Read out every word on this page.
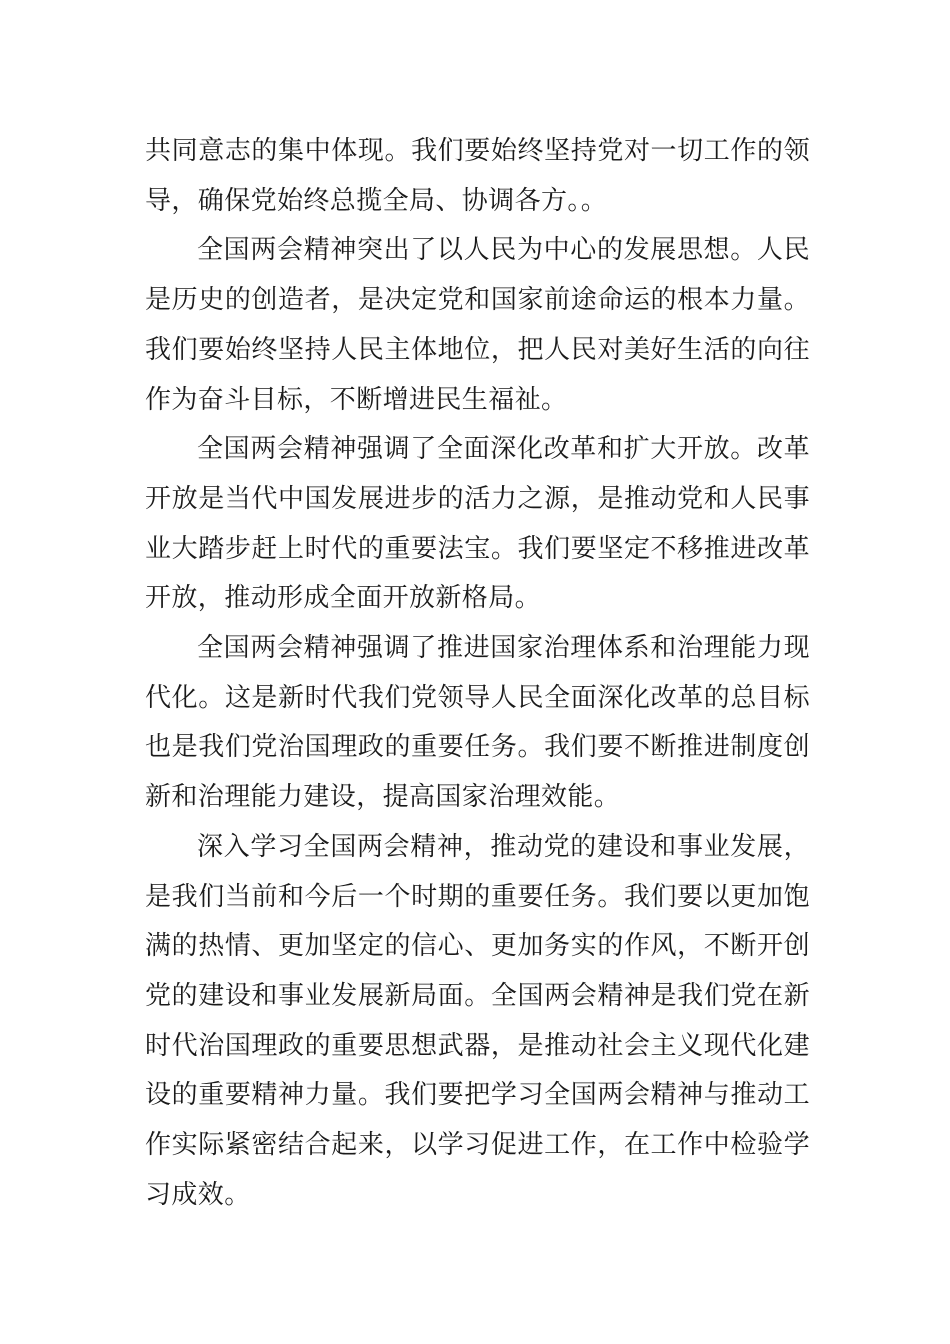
共同意志的集中体现。我们要始终坚持党对一切工作的领导，确保党始终总揽全局、协调各方。。

全国两会精神突出了以人民为中心的发展思想。人民是历史的创造者，是决定党和国家前途命运的根本力量。我们要始终坚持人民主体地位，把人民对美好生活的向往作为奋斗目标，不断增进民生福祉。

全国两会精神强调了全面深化改革和扩大开放。改革开放是当代中国发展进步的活力之源，是推动党和人民事业大踏步赶上时代的重要法宝。我们要坚定不移推进改革开放，推动形成全面开放新格局。

全国两会精神强调了推进国家治理体系和治理能力现代化。这是新时代我们党领导人民全面深化改革的总目标也是我们党治国理政的重要任务。我们要不断推进制度创新和治理能力建设，提高国家治理效能。

深入学习全国两会精神，推动党的建设和事业发展，是我们当前和今后一个时期的重要任务。我们要以更加饱满的热情、更加坚定的信心、更加务实的作风，不断开创党的建设和事业发展新局面。全国两会精神是我们党在新时代治国理政的重要思想武器，是推动社会主义现代化建设的重要精神力量。我们要把学习全国两会精神与推动工作实际紧密结合起来，以学习促进工作，在工作中检验学习成效。
